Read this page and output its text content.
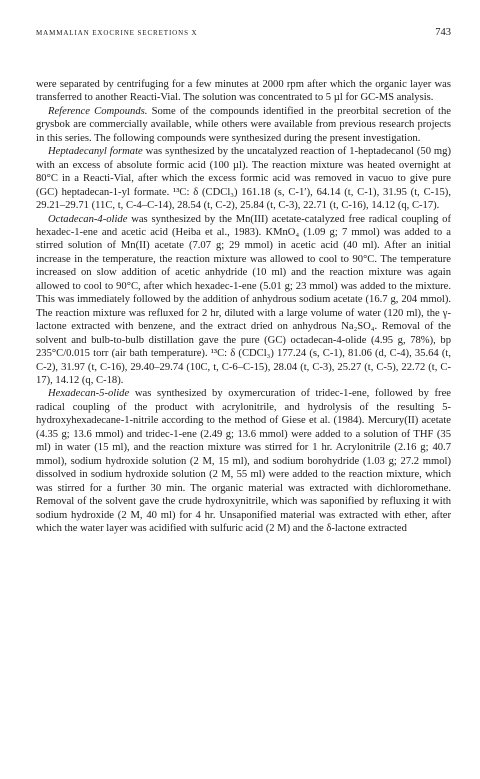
MAMMALIAN EXOCRINE SECRETIONS X	743

were separated by centrifuging for a few minutes at 2000 rpm after which the organic layer was transferred to another Reacti-Vial. The solution was concentrated to 5 µl for GC-MS analysis.

Reference Compounds. Some of the compounds identified in the preorbital secretion of the grysbok are commercially available, while others were available from previous research projects in this series. The following compounds were synthesized during the present investigation.

Heptadecanyl formate was synthesized by the uncatalyzed reaction of 1-heptadecanol (50 mg) with an excess of absolute formic acid (100 µl). The reaction mixture was heated overnight at 80°C in a Reacti-Vial, after which the excess formic acid was removed in vacuo to give pure (GC) heptadecan-1-yl formate. ¹³C: δ (CDCl₃) 161.18 (s, C-1′), 64.14 (t, C-1), 31.95 (t, C-15), 29.21–29.71 (11C, t, C-4–C-14), 28.54 (t, C-2), 25.84 (t, C-3), 22.71 (t, C-16), 14.12 (q, C-17).

Octadecan-4-olide was synthesized by the Mn(III) acetate-catalyzed free radical coupling of hexadec-1-ene and acetic acid (Heiba et al., 1983). KMnO₄ (1.09 g; 7 mmol) was added to a stirred solution of Mn(II) acetate (7.07 g; 29 mmol) in acetic acid (40 ml). After an initial increase in the temperature, the reaction mixture was allowed to cool to 90°C. The temperature increased on slow addition of acetic anhydride (10 ml) and the reaction mixture was again allowed to cool to 90°C, after which hexadec-1-ene (5.01 g; 23 mmol) was added to the mixture. This was immediately followed by the addition of anhydrous sodium acetate (16.7 g, 204 mmol). The reaction mixture was refluxed for 2 hr, diluted with a large volume of water (120 ml), the γ-lactone extracted with benzene, and the extract dried on anhydrous Na₂SO₄. Removal of the solvent and bulb-to-bulb distillation gave the pure (GC) octadecan-4-olide (4.95 g, 78%), bp 235°C/0.015 torr (air bath temperature). ¹³C: δ (CDCl₃) 177.24 (s, C-1), 81.06 (d, C-4), 35.64 (t, C-2), 31.97 (t, C-16), 29.40–29.74 (10C, t, C-6–C-15), 28.04 (t, C-3), 25.27 (t, C-5), 22.72 (t, C-17), 14.12 (q, C-18).

Hexadecan-5-olide was synthesized by oxymercuration of tridec-1-ene, followed by free radical coupling of the product with acrylonitrile, and hydrolysis of the resulting 5-hydroxyhexadecane-1-nitrile according to the method of Giese et al. (1984). Mercury(II) acetate (4.35 g; 13.6 mmol) and tridec-1-ene (2.49 g; 13.6 mmol) were added to a solution of THF (35 ml) in water (15 ml), and the reaction mixture was stirred for 1 hr. Acrylonitrile (2.16 g; 40.7 mmol), sodium hydroxide solution (2 M, 15 ml), and sodium borohydride (1.03 g; 27.2 mmol) dissolved in sodium hydroxide solution (2 M, 55 ml) were added to the reaction mixture, which was stirred for a further 30 min. The organic material was extracted with dichloromethane. Removal of the solvent gave the crude hydroxynitrile, which was saponified by refluxing it with sodium hydroxide (2 M, 40 ml) for 4 hr. Unsaponified material was extracted with ether, after which the water layer was acidified with sulfuric acid (2 M) and the δ-lactone extracted
